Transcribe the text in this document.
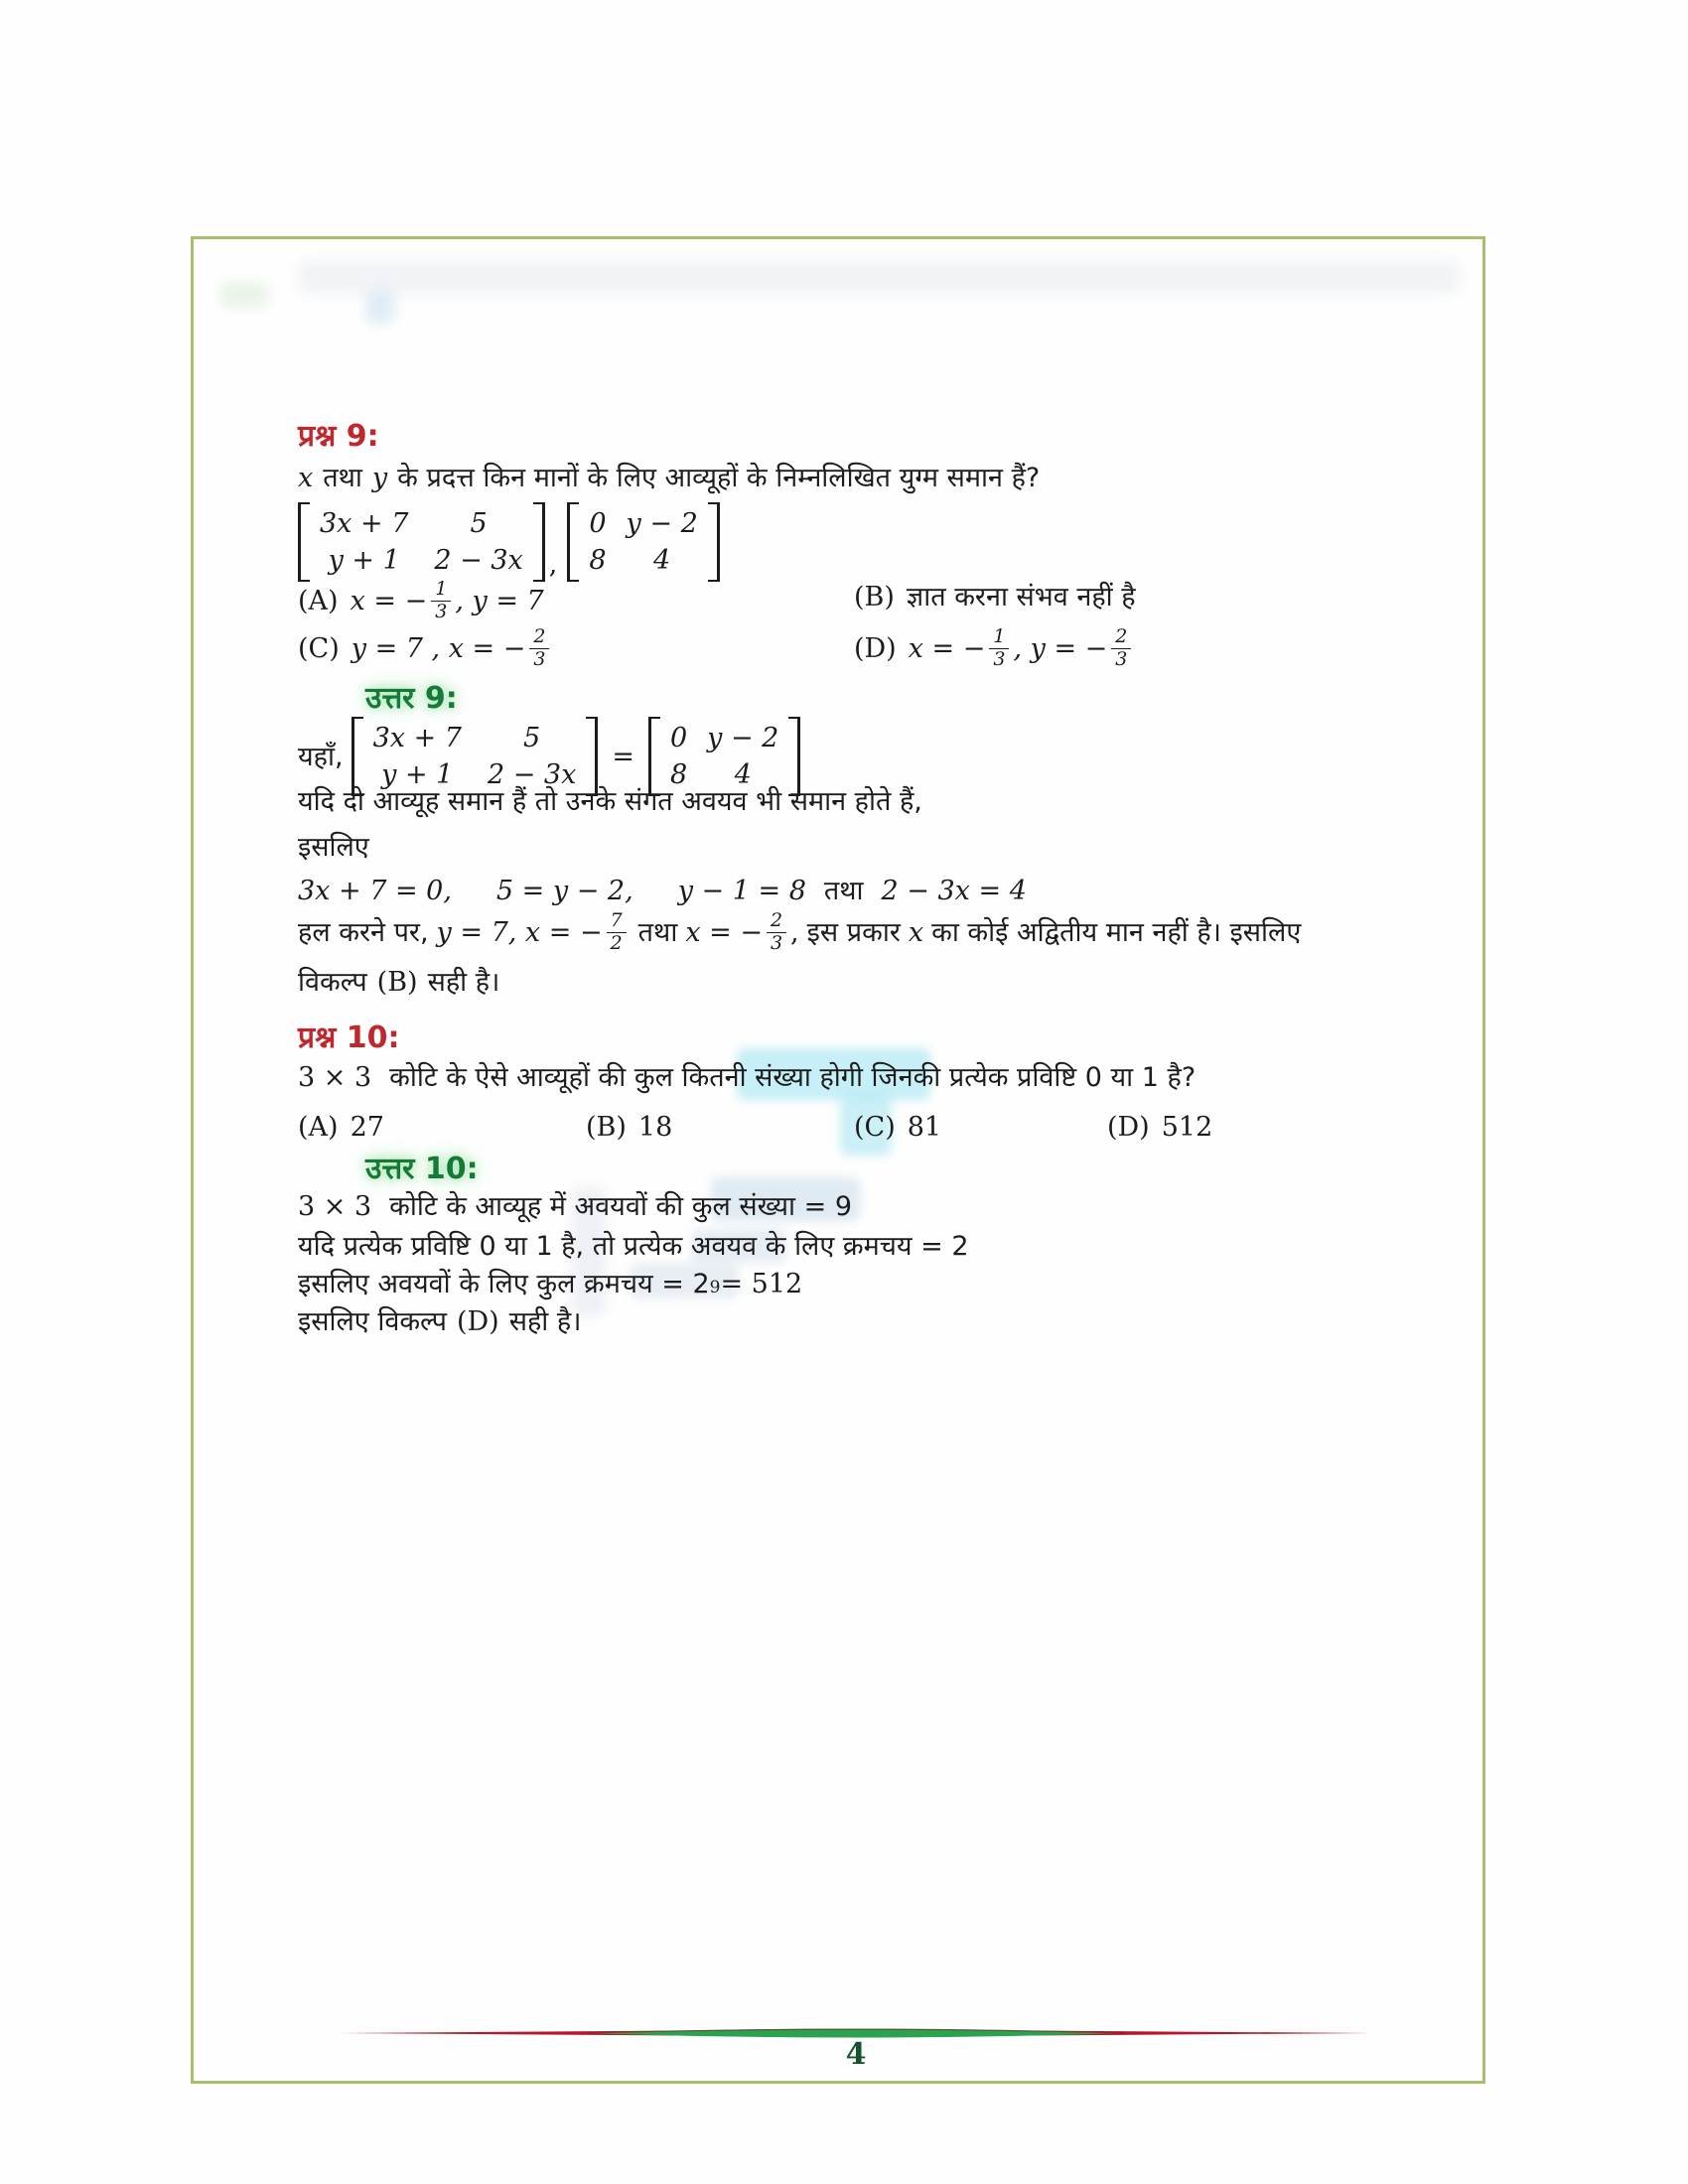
प्रश्न 9:
x तथा y के प्रदत्त किन मानों के लिए आव्यूहों के निम्नलिखित युग्म समान हैं?
3x + 7	5
y + 1	2 − 3x ,
0 y − 2
8	4
(A) x = − $\frac{1}{3}$ , y = 7	(B) ज्ञात करना संभव नहीं है
(C) y = 7 , x = − $\frac{2}{3}$	(D) x = − $\frac{1}{3}$ , y = − $\frac{2}{3}$
उत्तर 9:
यहाँ,
3x + 7	5
y + 1	2 − 3x
=
0 y − 2
8	4
यदि दो आव्यूह समान हैं तो उनके संगत अवयव भी समान होते हैं,
इसलिए
3x + 7 = 0, 5 = y − 2, y − 1 = 8 तथा 2 − 3x = 4
हल करने पर, y = 7, x = − $\frac{7}{2}$ तथा x = − $\frac{2}{3}$ , इस प्रकार x का कोई अद्वितीय मान नहीं है। इसलिए
विकल्प (B) सही है।
प्रश्न 10:
3 × 3 कोटि के ऐसे आव्यूहों की कुल कितनी संख्या होगी जिनकी प्रत्येक प्रविष्टि 0 या 1 है?
(A) 27	(B) 18	(C) 81	(D) 512
उत्तर 10:
3 × 3 कोटि के आव्यूह में अवयवों की कुल संख्या = 9
यदि प्रत्येक प्रविष्टि 0 या 1 है, तो प्रत्येक अवयव के लिए क्रमचय = 2
इसलिए अवयवों के लिए कुल क्रमचय = 2 9 = 512
इसलिए विकल्प (D) सही है।
4
